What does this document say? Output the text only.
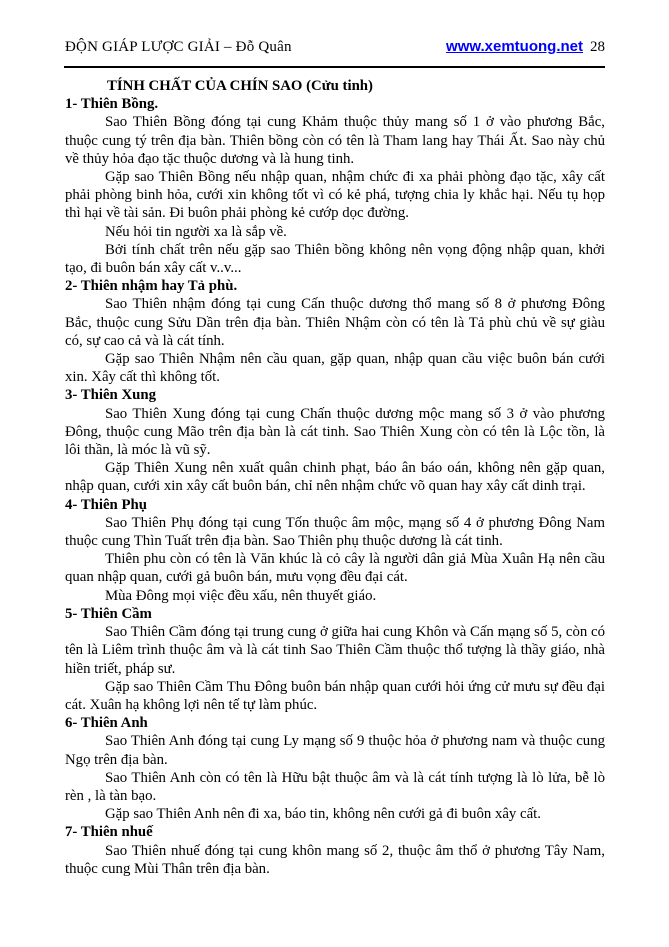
ĐỘN GIÁP LƯỢC GIẢI – Đỗ Quân	www.xemtuong.net 28

TÍNH CHẤT CỦA CHÍN SAO (Cửu tinh)

1- Thiên Bồng.

Sao Thiên Bồng đóng tại cung Khảm thuộc thủy mang số 1 ở vào phương Bắc, thuộc cung tý trên địa bàn. Thiên bồng còn có tên là Tham lang hay Thái Ất. Sao này chủ về thủy hỏa đạo tặc thuộc dương và là hung tinh.

Gặp sao Thiên Bồng nếu nhập quan, nhậm chức đi xa phải phòng đạo tặc, xây cất phải phòng binh hỏa, cưới xin không tốt vì có kẻ phá, tượng chia ly khắc hại. Nếu tụ họp thì hại về tài sản. Đi buôn phải phòng kẻ cướp dọc đường.

Nếu hỏi tin người xa là sắp về.

Bởi tính chất trên nếu gặp sao Thiên bồng không nên vọng động nhập quan, khởi tạo, đi buôn bán xây cất v..v...

2- Thiên nhậm hay Tả phù.

Sao Thiên nhậm đóng tại cung Cấn thuộc dương thổ mang số 8 ở phương Đông Bắc, thuộc cung Sửu Dần trên địa bàn. Thiên Nhậm còn có tên là Tả phù chủ về sự giàu có, sự cao cả và là cát tính.

Gặp sao Thiên Nhậm nên cầu quan, gặp quan, nhập quan cầu việc buôn bán cưới xin. Xây cất thì không tốt.

3- Thiên Xung

Sao Thiên Xung đóng tại cung Chấn thuộc dương mộc mang số 3 ở vào phương Đông, thuộc cung Mão trên địa bàn là cát tinh. Sao Thiên Xung còn có tên là Lộc tồn, là lôi thần, là móc là vũ sỹ.

Gặp Thiên Xung nên xuất quân chinh phạt, báo ân báo oán, không nên gặp quan, nhập quan, cưới xin xây cất buôn bán, chỉ nên nhậm chức võ quan hay xây cất dinh trại.

4- Thiên Phụ

Sao Thiên Phụ đóng tại cung Tốn thuộc âm mộc, mạng số 4 ở phương Đông Nam thuộc cung Thìn Tuất trên địa bàn. Sao Thiên phụ thuộc dương là cát tinh.

Thiên phu còn có tên là Văn khúc là cỏ cây là người dân giả Mùa Xuân Hạ nên cầu quan nhập quan, cưới gả buôn bán, mưu vọng đều đại cát.

Mùa Đông mọi việc đều xấu, nên thuyết giáo.

5- Thiên Cầm

Sao Thiên Cầm đóng tại trung cung ở giữa hai cung Khôn và Cấn mạng số 5, còn có tên là Liêm trình thuộc âm và là cát tinh Sao Thiên Cầm thuộc thổ tượng là thầy giáo, nhà hiền triết, pháp sư.

Gặp sao Thiên Cầm Thu Đông buôn bán nhập quan cưới hỏi ứng cử mưu sự đều đại cát. Xuân hạ không lợi nên tế tự làm phúc.

6- Thiên Anh

Sao Thiên Anh đóng tại cung Ly mạng số 9 thuộc hỏa ở phương nam và thuộc cung Ngọ trên địa bàn.

Sao Thiên Anh còn có tên là Hữu bật thuộc âm và là cát tính tượng là lò lửa, bễ lò rèn , là tàn bạo.

Gặp sao Thiên Anh nên đi xa, báo tin, không nên cưới gả đi buôn xây cất.

7- Thiên nhuế

Sao Thiên nhuế đóng tại cung khôn mang số 2, thuộc âm thổ ở phương Tây Nam, thuộc cung Mùi Thân trên địa bàn.
